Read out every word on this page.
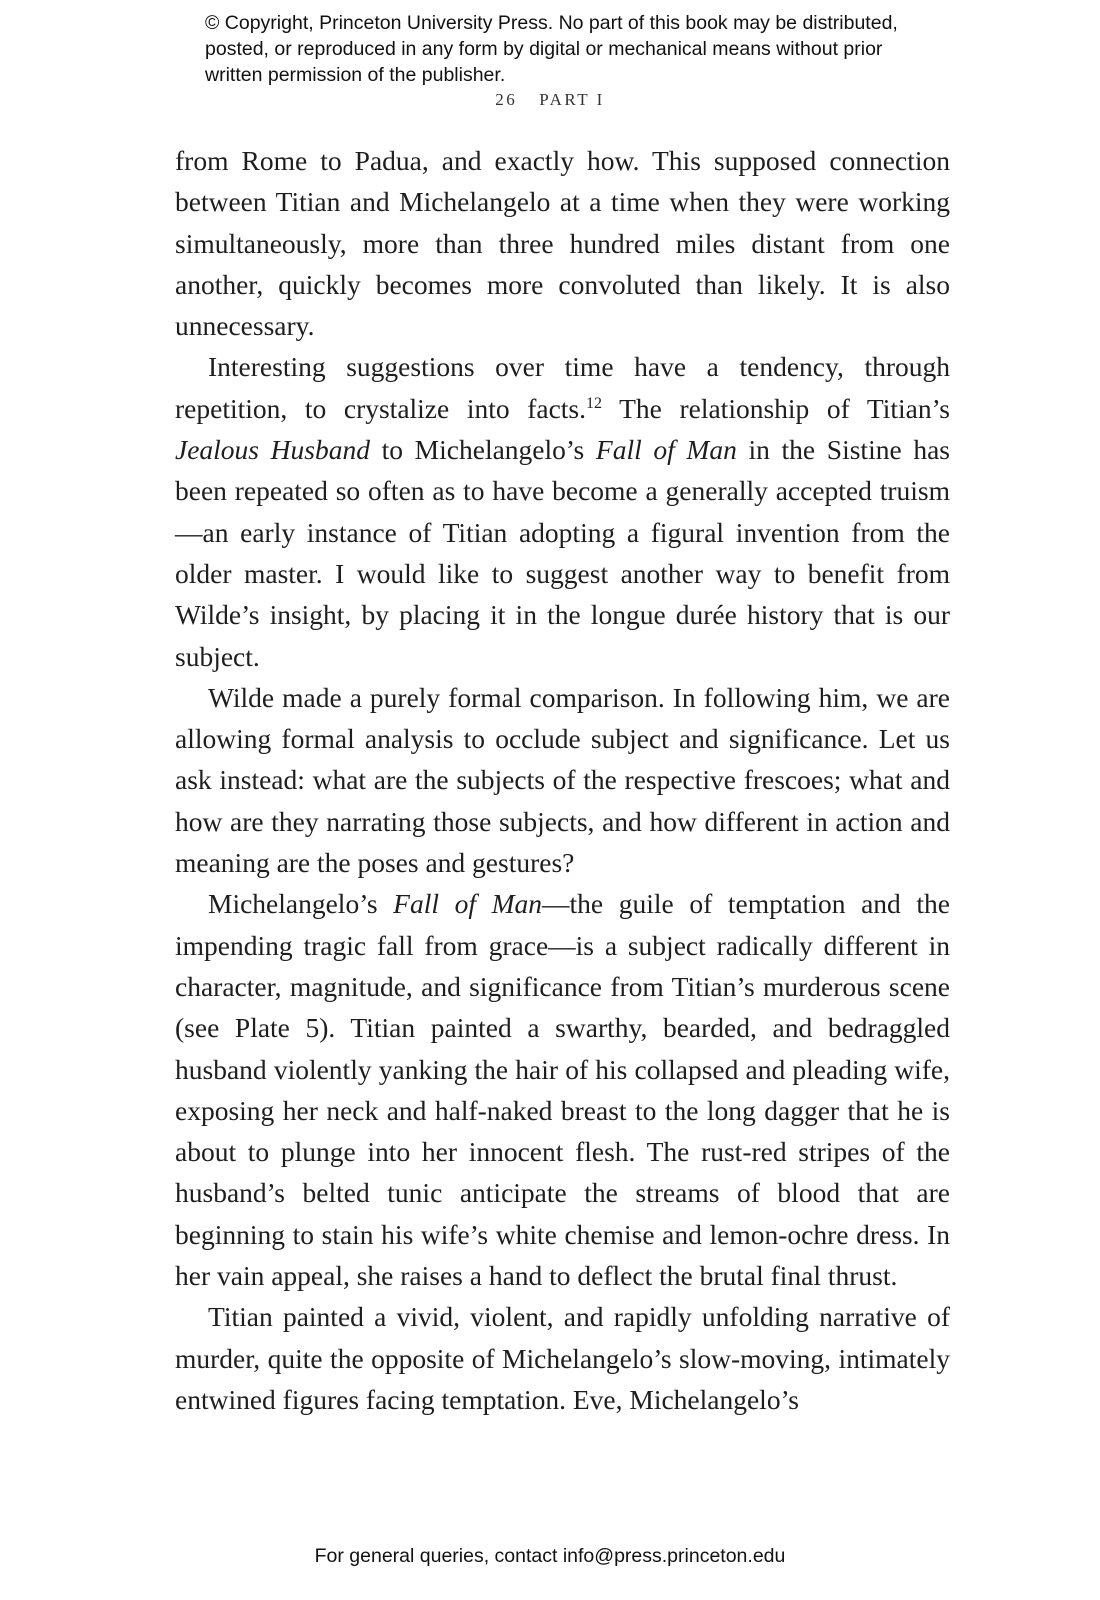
© Copyright, Princeton University Press. No part of this book may be distributed, posted, or reproduced in any form by digital or mechanical means without prior written permission of the publisher.
26 PART I

from Rome to Padua, and exactly how. This supposed connection between Titian and Michelangelo at a time when they were working simultaneously, more than three hundred miles distant from one another, quickly becomes more convoluted than likely. It is also unnecessary.

Interesting suggestions over time have a tendency, through repetition, to crystalize into facts.$^{12}$ The relationship of Titian’s Jealous Husband to Michelangelo’s Fall of Man in the Sistine has been repeated so often as to have become a generally accepted truism—an early instance of Titian adopting a figural invention from the older master. I would like to suggest another way to benefit from Wilde’s insight, by placing it in the longue durée history that is our subject.

Wilde made a purely formal comparison. In following him, we are allowing formal analysis to occlude subject and significance. Let us ask instead: what are the subjects of the respective frescoes; what and how are they narrating those subjects, and how different in action and meaning are the poses and gestures?

Michelangelo’s Fall of Man—the guile of temptation and the impending tragic fall from grace—is a subject radically different in character, magnitude, and significance from Titian’s murderous scene (see Plate 5). Titian painted a swarthy, bearded, and bedraggled husband violently yanking the hair of his collapsed and pleading wife, exposing her neck and half-naked breast to the long dagger that he is about to plunge into her innocent flesh. The rust-red stripes of the husband’s belted tunic anticipate the streams of blood that are beginning to stain his wife’s white chemise and lemon-ochre dress. In her vain appeal, she raises a hand to deflect the brutal final thrust.

Titian painted a vivid, violent, and rapidly unfolding narrative of murder, quite the opposite of Michelangelo’s slow-moving, intimately entwined figures facing temptation. Eve, Michelangelo’s

For general queries, contact info@press.princeton.edu
